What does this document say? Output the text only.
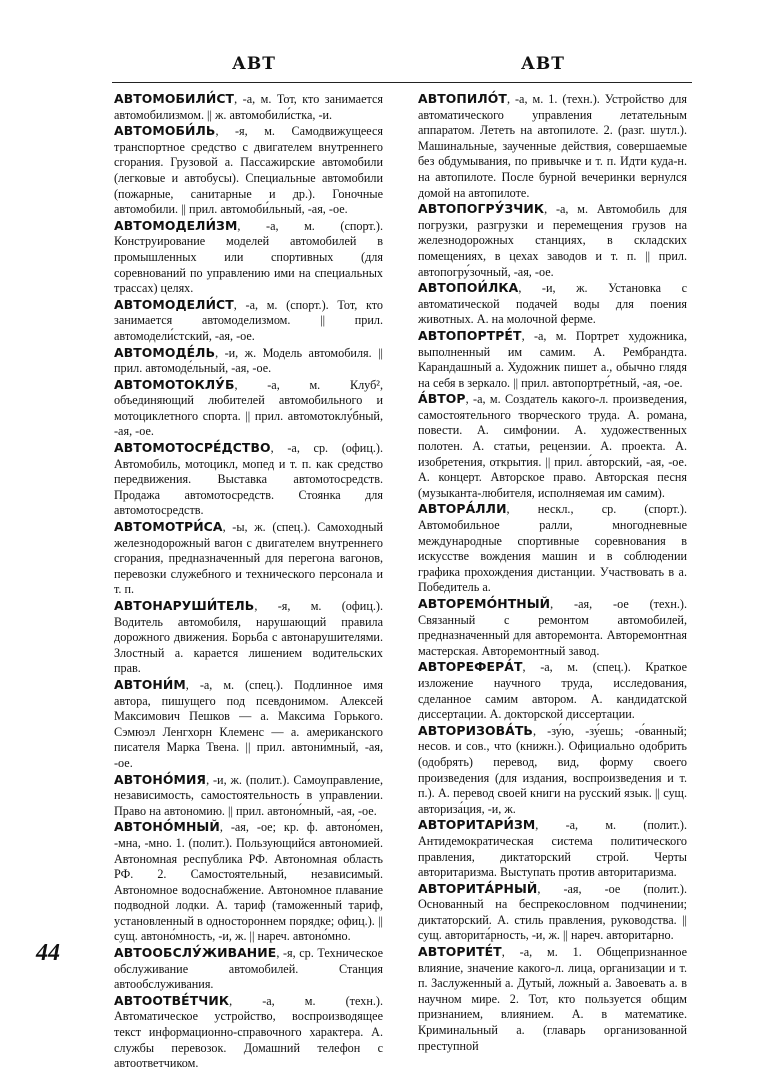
АВТ	АВТ

АВТОМОБИЛИ́СТ, -а, м. Тот, кто занимается автомобилизмом. || ж. автомобили́стка, -и.

АВТОМОБИ́ЛЬ, -я, м. Самодвижущееся транспортное средство с двигателем внутреннего сгорания. Грузовой а. Пассажирские автомобили (легковые и автобусы). Специальные автомобили (пожарные, санитарные и др.). Гоночные автомобили. || прил. автомоби́льный, -ая, -ое.

АВТОМОДЕЛИ́ЗМ, -а, м. (спорт.). Конструирование моделей автомобилей в промышленных или спортивных (для соревнований по управлению ими на специальных трассах) целях.

АВТОМОДЕЛИ́СТ, -а, м. (спорт.). Тот, кто занимается автомоделизмом. || прил. автомодели́стский, -ая, -ое.

АВТОМОДЕ́ЛЬ, -и, ж. Модель автомобиля. || прил. автомоде́льный, -ая, -ое.

АВТОМОТОКЛУ́Б, -а, м. Клуб², объединяющий любителей автомобильного и мотоциклетного спорта. || прил. автомотоклу́бный, -ая, -ое.

АВТОМОТОСРЕ́ДСТВО, -а, ср. (офиц.). Автомобиль, мотоцикл, мопед и т. п. как средство передвижения. Выставка автомотосредств. Продажа автомотосредств. Стоянка для автомотосредств.

АВТОМОТРИ́СА, -ы, ж. (спец.). Самоходный железнодорожный вагон с двигателем внутреннего сгорания, предназначенный для перегона вагонов, перевозки служебного и технического персонала и т. п.

АВТОНАРУШИ́ТЕЛЬ, -я, м. (офиц.). Водитель автомобиля, нарушающий правила дорожного движения. Борьба с автонарушителями. Злостный а. карается лишением водительских прав.

АВТОНИ́М, -а, м. (спец.). Подлинное имя автора, пишущего под псевдонимом. Алексей Максимович Пешков — а. Максима Горького. Сэмюэл Ленгхорн Клеменс — а. американского писателя Марка Твена. || прил. автони́мный, -ая, -ое.

АВТОНО́МИЯ, -и, ж. (полит.). Самоуправление, независимость, самостоятельность в управлении. Право на автономию. || прил. автоно́мный, -ая, -ое.

АВТОНО́МНЫЙ, -ая, -ое; кр. ф. автоно́мен, -мна, -мно. 1. (полит.). Пользующийся автономией. Автономная республика РФ. Автономная область РФ. 2. Самостоятельный, независимый. Автономное водоснабжение. Автономное плавание подводной лодки. А. тариф (таможенный тариф, установленный в одностороннем порядке; офиц.). || сущ. автоно́мность, -и, ж. || нареч. автоно́мно.

АВТООБСЛУ́ЖИВАНИЕ, -я, ср. Техническое обслуживание автомобилей. Станция автообслуживания.

АВТООТВЕ́ТЧИК, -а, м. (техн.). Автоматическое устройство, воспроизводящее текст информационно-справочного характера. А. службы перевозок. Домашний телефон с автоответчиком.

АВТОПИЛО́Т, -а, м. 1. (техн.). Устройство для автоматического управления летательным аппаратом. Лететь на автопилоте. 2. (разг. шутл.). Машинальные, заученные действия, совершаемые без обдумывания, по привычке и т. п. Идти куда-н. на автопилоте. После бурной вечеринки вернулся домой на автопилоте.

АВТОПОГРУ́ЗЧИК, -а, м. Автомобиль для погрузки, разгрузки и перемещения грузов на железнодорожных станциях, в складских помещениях, в цехах заводов и т. п. || прил. автопогру́зочный, -ая, -ое.

АВТОПОИ́ЛКА, -и, ж. Установка с автоматической подачей воды для поения животных. А. на молочной ферме.

АВТОПОРТРЕ́Т, -а, м. Портрет художника, выполненный им самим. А. Рембрандта. Карандашный а. Художник пишет а., обычно глядя на себя в зеркало. || прил. автопортре́тный, -ая, -ое.

А́ВТОР, -а, м. Создатель какого-л. произведения, самостоятельного творческого труда. А. романа, повести. А. симфонии. А. художественных полотен. А. статьи, рецензии. А. проекта. А. изобретения, открытия. || прил. а́вторский, -ая, -ое. А. концерт. Авторское право. Авторская песня (музыканта-любителя, исполняемая им самим).

АВТОРА́ЛЛИ, нескл., ср. (спорт.). Автомобильное ралли, многодневные международные спортивные соревнования в искусстве вождения машин и в соблюдении графика прохождения дистанции. Участвовать в а. Победитель а.

АВТОРЕМО́НТНЫЙ, -ая, -ое (техн.). Связанный с ремонтом автомобилей, предназначенный для авторемонта. Авторемонтная мастерская. Авторемонтный завод.

АВТОРЕФЕРА́Т, -а, м. (спец.). Краткое изложение научного труда, исследования, сделанное самим автором. А. кандидатской диссертации. А. докторской диссертации.

АВТОРИЗОВА́ТЬ, -зу́ю, -зу́ешь; -о́ванный; несов. и сов., что (книжн.). Официально одобрить (одобрять) перевод, вид, форму своего произведения (для издания, воспроизведения и т. п.). А. перевод своей книги на русский язык. || сущ. авториза́ция, -и, ж.

АВТОРИТАРИ́ЗМ, -а, м. (полит.). Антидемократическая система политического правления, диктаторский строй. Черты авторитаризма. Выступать против авторитаризма.

АВТОРИТА́РНЫЙ, -ая, -ое (полит.). Основанный на беспрекословном подчинении; диктаторский. А. стиль правления, руководства. || сущ. авторита́рность, -и, ж. || нареч. авторита́рно.

АВТОРИТЕ́Т, -а, м. 1. Общепризнанное влияние, значение какого-л. лица, организации и т. п. Заслуженный а. Дутый, ложный а. Завоевать а. в научном мире. 2. Тот, кто пользуется общим признанием, влиянием. А. в математике. Криминальный а. (главарь организованной преступной

44
